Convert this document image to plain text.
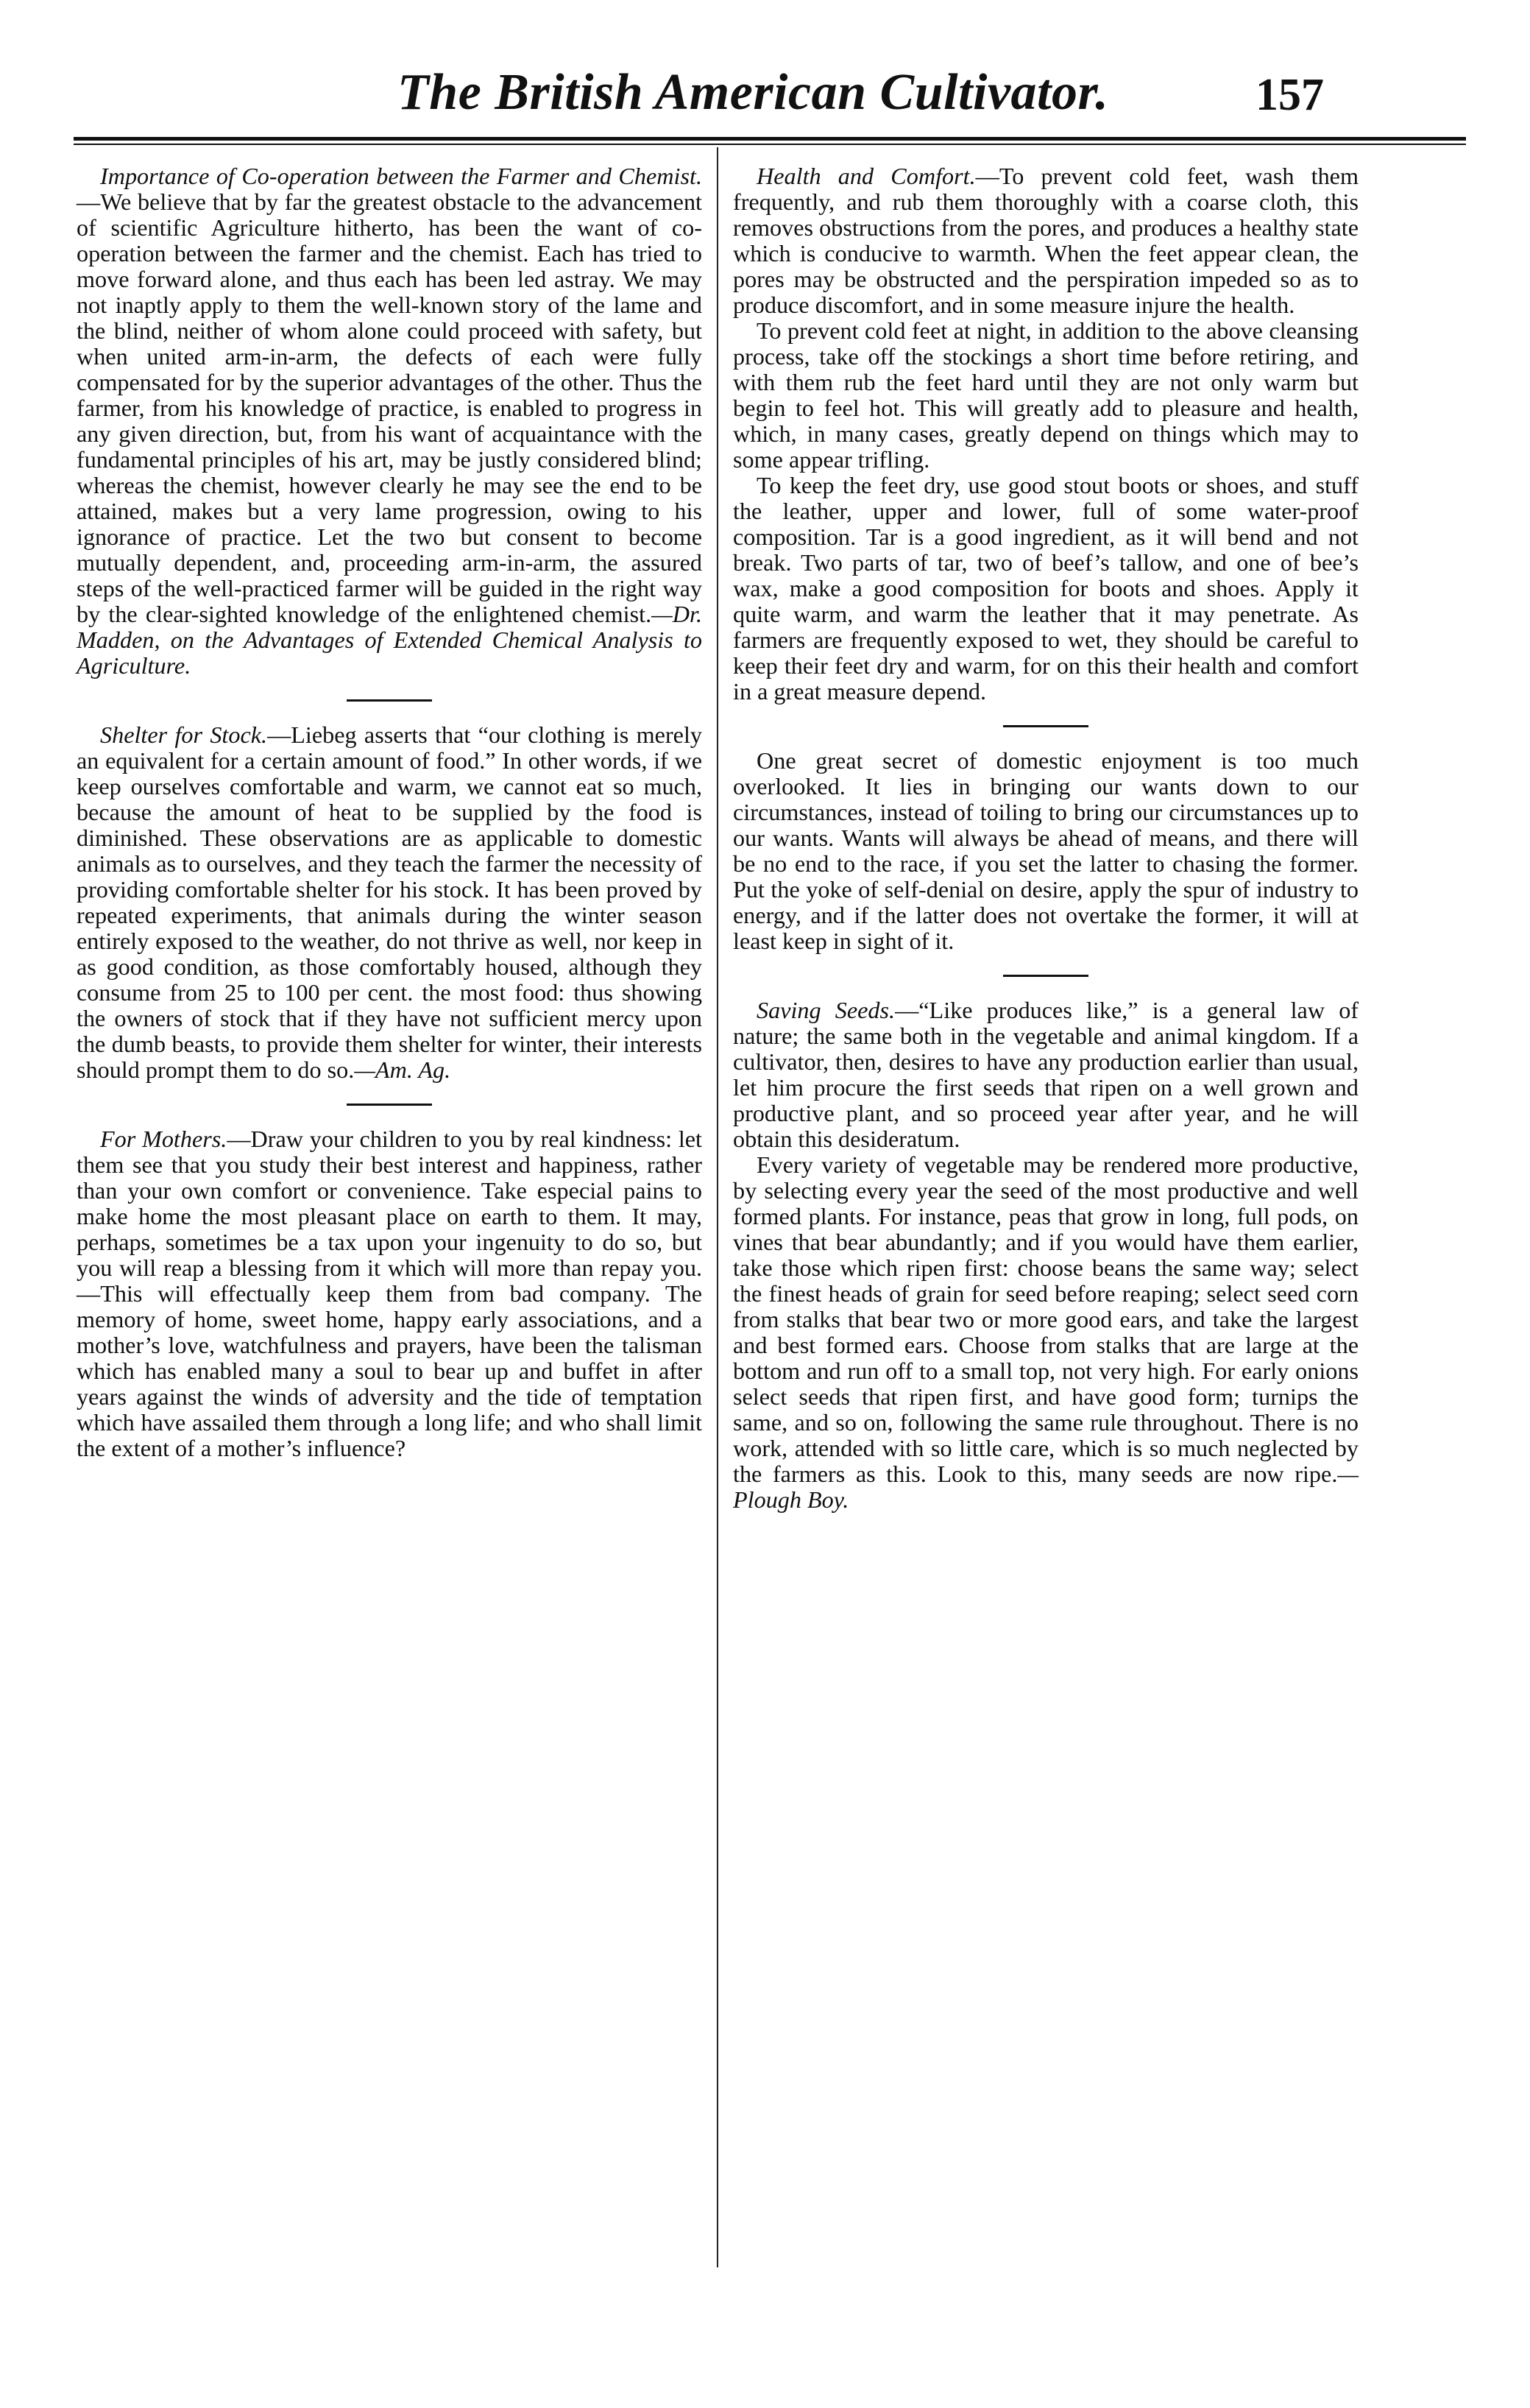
The British American Cultivator.	157

Importance of Co-operation between the Farmer and Chemist.—We believe that by far the greatest obstacle to the advancement of scientific Agriculture hitherto, has been the want of co-operation between the farmer and the chemist. Each has tried to move forward alone, and thus each has been led astray. We may not inaptly apply to them the well-known story of the lame and the blind, neither of whom alone could proceed with safety, but when united arm-in-arm, the defects of each were fully compensated for by the superior advantages of the other. Thus the farmer, from his knowledge of practice, is enabled to progress in any given direction, but, from his want of acquaintance with the fundamental principles of his art, may be justly considered blind; whereas the chemist, however clearly he may see the end to be attained, makes but a very lame progression, owing to his ignorance of practice. Let the two but consent to become mutually dependent, and, proceeding arm-in-arm, the assured steps of the well-practiced farmer will be guided in the right way by the clear-sighted knowledge of the enlightened chemist.—Dr. Madden, on the Advantages of Extended Chemical Analysis to Agriculture.

Shelter for Stock.—Liebeg asserts that “our clothing is merely an equivalent for a certain amount of food.” In other words, if we keep ourselves comfortable and warm, we cannot eat so much, because the amount of heat to be supplied by the food is diminished. These observations are as applicable to domestic animals as to ourselves, and they teach the farmer the necessity of providing comfortable shelter for his stock. It has been proved by repeated experiments, that animals during the winter season entirely exposed to the weather, do not thrive as well, nor keep in as good condition, as those comfortably housed, although they consume from 25 to 100 per cent. the most food: thus showing the owners of stock that if they have not sufficient mercy upon the dumb beasts, to provide them shelter for winter, their interests should prompt them to do so.—Am. Ag.

For Mothers.—Draw your children to you by real kindness: let them see that you study their best interest and happiness, rather than your own comfort or convenience. Take especial pains to make home the most pleasant place on earth to them. It may, perhaps, sometimes be a tax upon your ingenuity to do so, but you will reap a blessing from it which will more than repay you.—This will effectually keep them from bad company. The memory of home, sweet home, happy early associations, and a mother’s love, watchfulness and prayers, have been the talisman which has enabled many a soul to bear up and buffet in after years against the winds of adversity and the tide of temptation which have assailed them through a long life; and who shall limit the extent of a mother’s influence?

Health and Comfort.—To prevent cold feet, wash them frequently, and rub them thoroughly with a coarse cloth, this removes obstructions from the pores, and produces a healthy state which is conducive to warmth. When the feet appear clean, the pores may be obstructed and the perspiration impeded so as to produce discomfort, and in some measure injure the health.

To prevent cold feet at night, in addition to the above cleansing process, take off the stockings a short time before retiring, and with them rub the feet hard until they are not only warm but begin to feel hot. This will greatly add to pleasure and health, which, in many cases, greatly depend on things which may to some appear trifling.

To keep the feet dry, use good stout boots or shoes, and stuff the leather, upper and lower, full of some water-proof composition. Tar is a good ingredient, as it will bend and not break. Two parts of tar, two of beef’s tallow, and one of bee’s wax, make a good composition for boots and shoes. Apply it quite warm, and warm the leather that it may penetrate. As farmers are frequently exposed to wet, they should be careful to keep their feet dry and warm, for on this their health and comfort in a great measure depend.

One great secret of domestic enjoyment is too much overlooked. It lies in bringing our wants down to our circumstances, instead of toiling to bring our circumstances up to our wants. Wants will always be ahead of means, and there will be no end to the race, if you set the latter to chasing the former. Put the yoke of self-denial on desire, apply the spur of industry to energy, and if the latter does not overtake the former, it will at least keep in sight of it.

Saving Seeds.—“Like produces like,” is a general law of nature; the same both in the vegetable and animal kingdom. If a cultivator, then, desires to have any production earlier than usual, let him procure the first seeds that ripen on a well grown and productive plant, and so proceed year after year, and he will obtain this desideratum.

Every variety of vegetable may be rendered more productive, by selecting every year the seed of the most productive and well formed plants. For instance, peas that grow in long, full pods, on vines that bear abundantly; and if you would have them earlier, take those which ripen first: choose beans the same way; select the finest heads of grain for seed before reaping; select seed corn from stalks that bear two or more good ears, and take the largest and best formed ears. Choose from stalks that are large at the bottom and run off to a small top, not very high. For early onions select seeds that ripen first, and have good form; turnips the same, and so on, following the same rule throughout. There is no work, attended with so little care, which is so much neglected by the farmers as this. Look to this, many seeds are now ripe.—Plough Boy.
